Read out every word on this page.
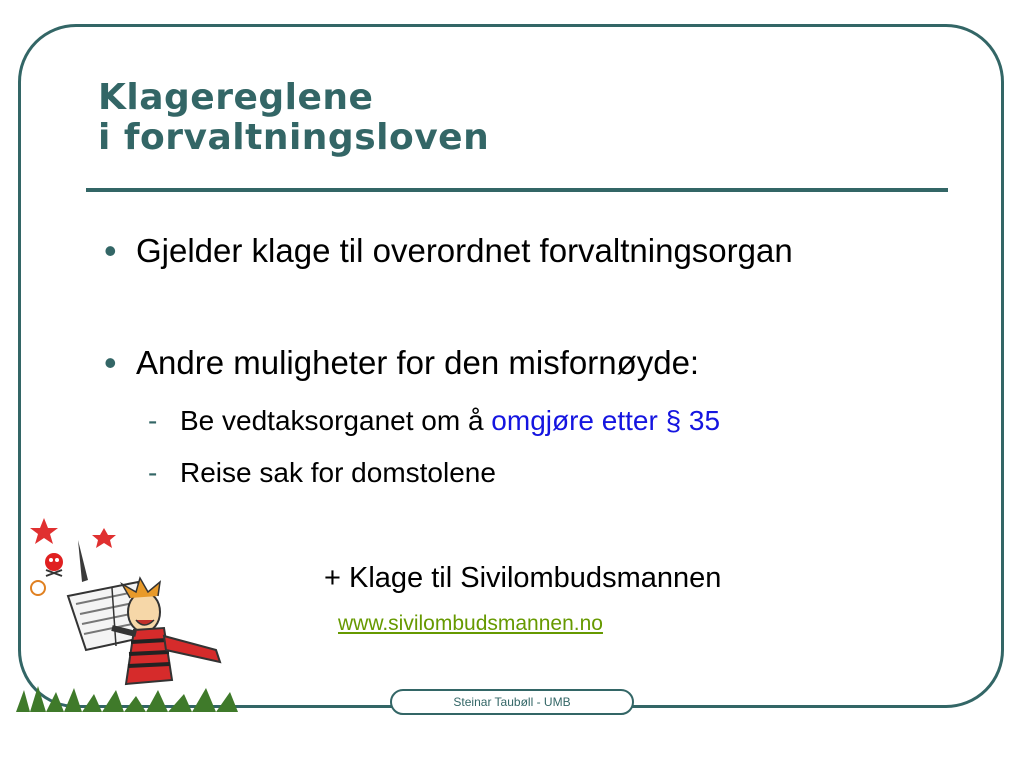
Klagereglene
i forvaltningsloven
• Gjelder klage til overordnet forvaltningsorgan
• Andre muligheter for den misfornøyde:
- Be vedtaksorganet om å omgjøre etter § 35
- Reise sak for domstolene
+ Klage til Sivilombudsmannen
www.sivilombudsmannen.no
Steinar Taubøll - UMB
